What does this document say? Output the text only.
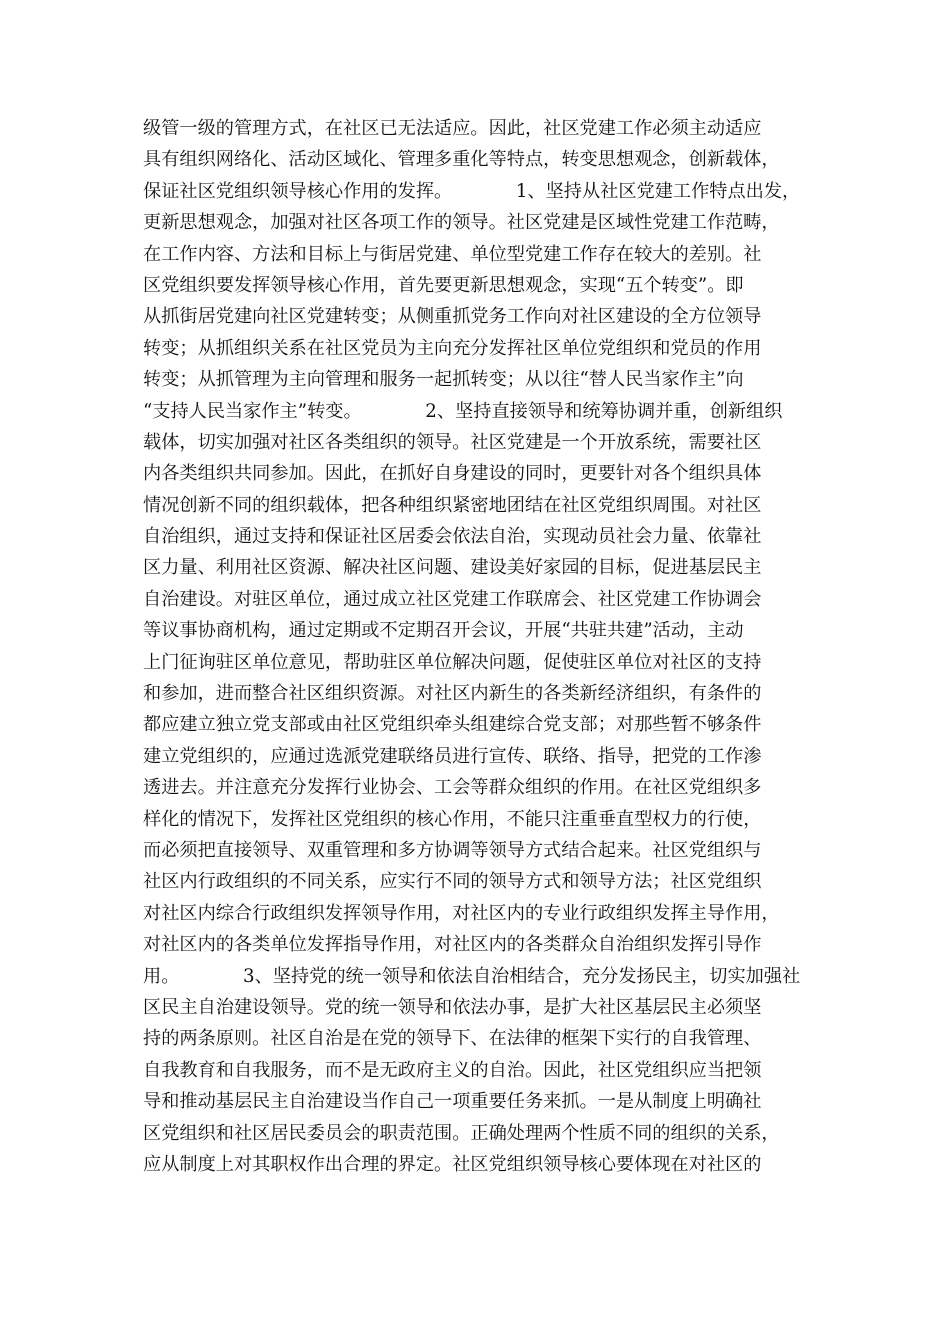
级管一级的管理方式，在社区已无法适应。因此，社区党建工作必须主动适应
具有组织网络化、活动区域化、管理多重化等特点，转变思想观念，创新载体，
保证社区党组织领导核心作用的发挥。　　　　1、坚持从社区党建工作特点出发，
更新思想观念，加强对社区各项工作的领导。社区党建是区域性党建工作范畴，
在工作内容、方法和目标上与街居党建、单位型党建工作存在较大的差别。社
区党组织要发挥领导核心作用，首先要更新思想观念，实现“五个转变”。即
从抓街居党建向社区党建转变；从侧重抓党务工作向对社区建设的全方位领导
转变；从抓组织关系在社区党员为主向充分发挥社区单位党组织和党员的作用
转变；从抓管理为主向管理和服务一起抓转变；从以往“替人民当家作主”向
“支持人民当家作主”转变。　　　　2、坚持直接领导和统筹协调并重，创新组织
载体，切实加强对社区各类组织的领导。社区党建是一个开放系统，需要社区
内各类组织共同参加。因此，在抓好自身建设的同时，更要针对各个组织具体
情况创新不同的组织载体，把各种组织紧密地团结在社区党组织周围。对社区
自治组织，通过支持和保证社区居委会依法自治，实现动员社会力量、依靠社
区力量、利用社区资源、解决社区问题、建设美好家园的目标，促进基层民主
自治建设。对驻区单位，通过成立社区党建工作联席会、社区党建工作协调会
等议事协商机构，通过定期或不定期召开会议，开展“共驻共建”活动，主动
上门征询驻区单位意见，帮助驻区单位解决问题，促使驻区单位对社区的支持
和参加，进而整合社区组织资源。对社区内新生的各类新经济组织，有条件的
都应建立独立党支部或由社区党组织牵头组建综合党支部；对那些暂不够条件
建立党组织的，应通过选派党建联络员进行宣传、联络、指导，把党的工作渗
透进去。并注意充分发挥行业协会、工会等群众组织的作用。在社区党组织多
样化的情况下，发挥社区党组织的核心作用，不能只注重垂直型权力的行使，
而必须把直接领导、双重管理和多方协调等领导方式结合起来。社区党组织与
社区内行政组织的不同关系，应实行不同的领导方式和领导方法；社区党组织
对社区内综合行政组织发挥领导作用，对社区内的专业行政组织发挥主导作用，
对社区内的各类单位发挥指导作用，对社区内的各类群众自治组织发挥引导作
用。　　　　3、坚持党的统一领导和依法自治相结合，充分发扬民主，切实加强社
区民主自治建设领导。党的统一领导和依法办事，是扩大社区基层民主必须坚
持的两条原则。社区自治是在党的领导下、在法律的框架下实行的自我管理、
自我教育和自我服务，而不是无政府主义的自治。因此，社区党组织应当把领
导和推动基层民主自治建设当作自己一项重要任务来抓。一是从制度上明确社
区党组织和社区居民委员会的职责范围。正确处理两个性质不同的组织的关系，
应从制度上对其职权作出合理的界定。社区党组织领导核心要体现在对社区的
